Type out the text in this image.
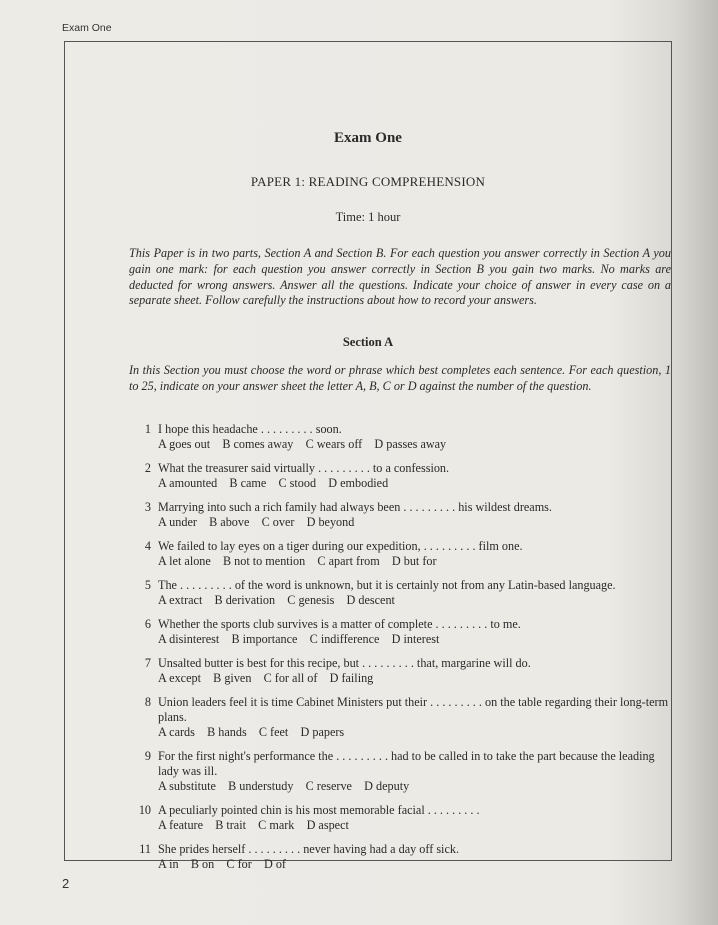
Exam One
Exam One
PAPER 1: READING COMPREHENSION
Time: 1 hour
This Paper is in two parts, Section A and Section B. For each question you answer correctly in Section A you gain one mark: for each question you answer correctly in Section B you gain two marks. No marks are deducted for wrong answers. Answer all the questions. Indicate your choice of answer in every case on a separate sheet. Follow carefully the instructions about how to record your answers.
Section A
In this Section you must choose the word or phrase which best completes each sentence. For each question, 1 to 25, indicate on your answer sheet the letter A, B, C or D against the number of the question.
1 I hope this headache . . . . . . . . . soon.
A goes out    B comes away    C wears off    D passes away
2 What the treasurer said virtually . . . . . . . . . to a confession.
A amounted    B came    C stood    D embodied
3 Marrying into such a rich family had always been . . . . . . . . . his wildest dreams.
A under    B above    C over    D beyond
4 We failed to lay eyes on a tiger during our expedition, . . . . . . . . . film one.
A let alone    B not to mention    C apart from    D but for
5 The . . . . . . . . . of the word is unknown, but it is certainly not from any Latin-based language.
A extract    B derivation    C genesis    D descent
6 Whether the sports club survives is a matter of complete . . . . . . . . . to me.
A disinterest    B importance    C indifference    D interest
7 Unsalted butter is best for this recipe, but . . . . . . . . . that, margarine will do.
A except    B given    C for all of    D failing
8 Union leaders feel it is time Cabinet Ministers put their . . . . . . . . . on the table regarding their long-term plans.
A cards    B hands    C feet    D papers
9 For the first night's performance the . . . . . . . . . had to be called in to take the part because the leading lady was ill.
A substitute    B understudy    C reserve    D deputy
10 A peculiarly pointed chin is his most memorable facial . . . . . . . . .
A feature    B trait    C mark    D aspect
11 She prides herself . . . . . . . . . never having had a day off sick.
A in    B on    C for    D of
2
